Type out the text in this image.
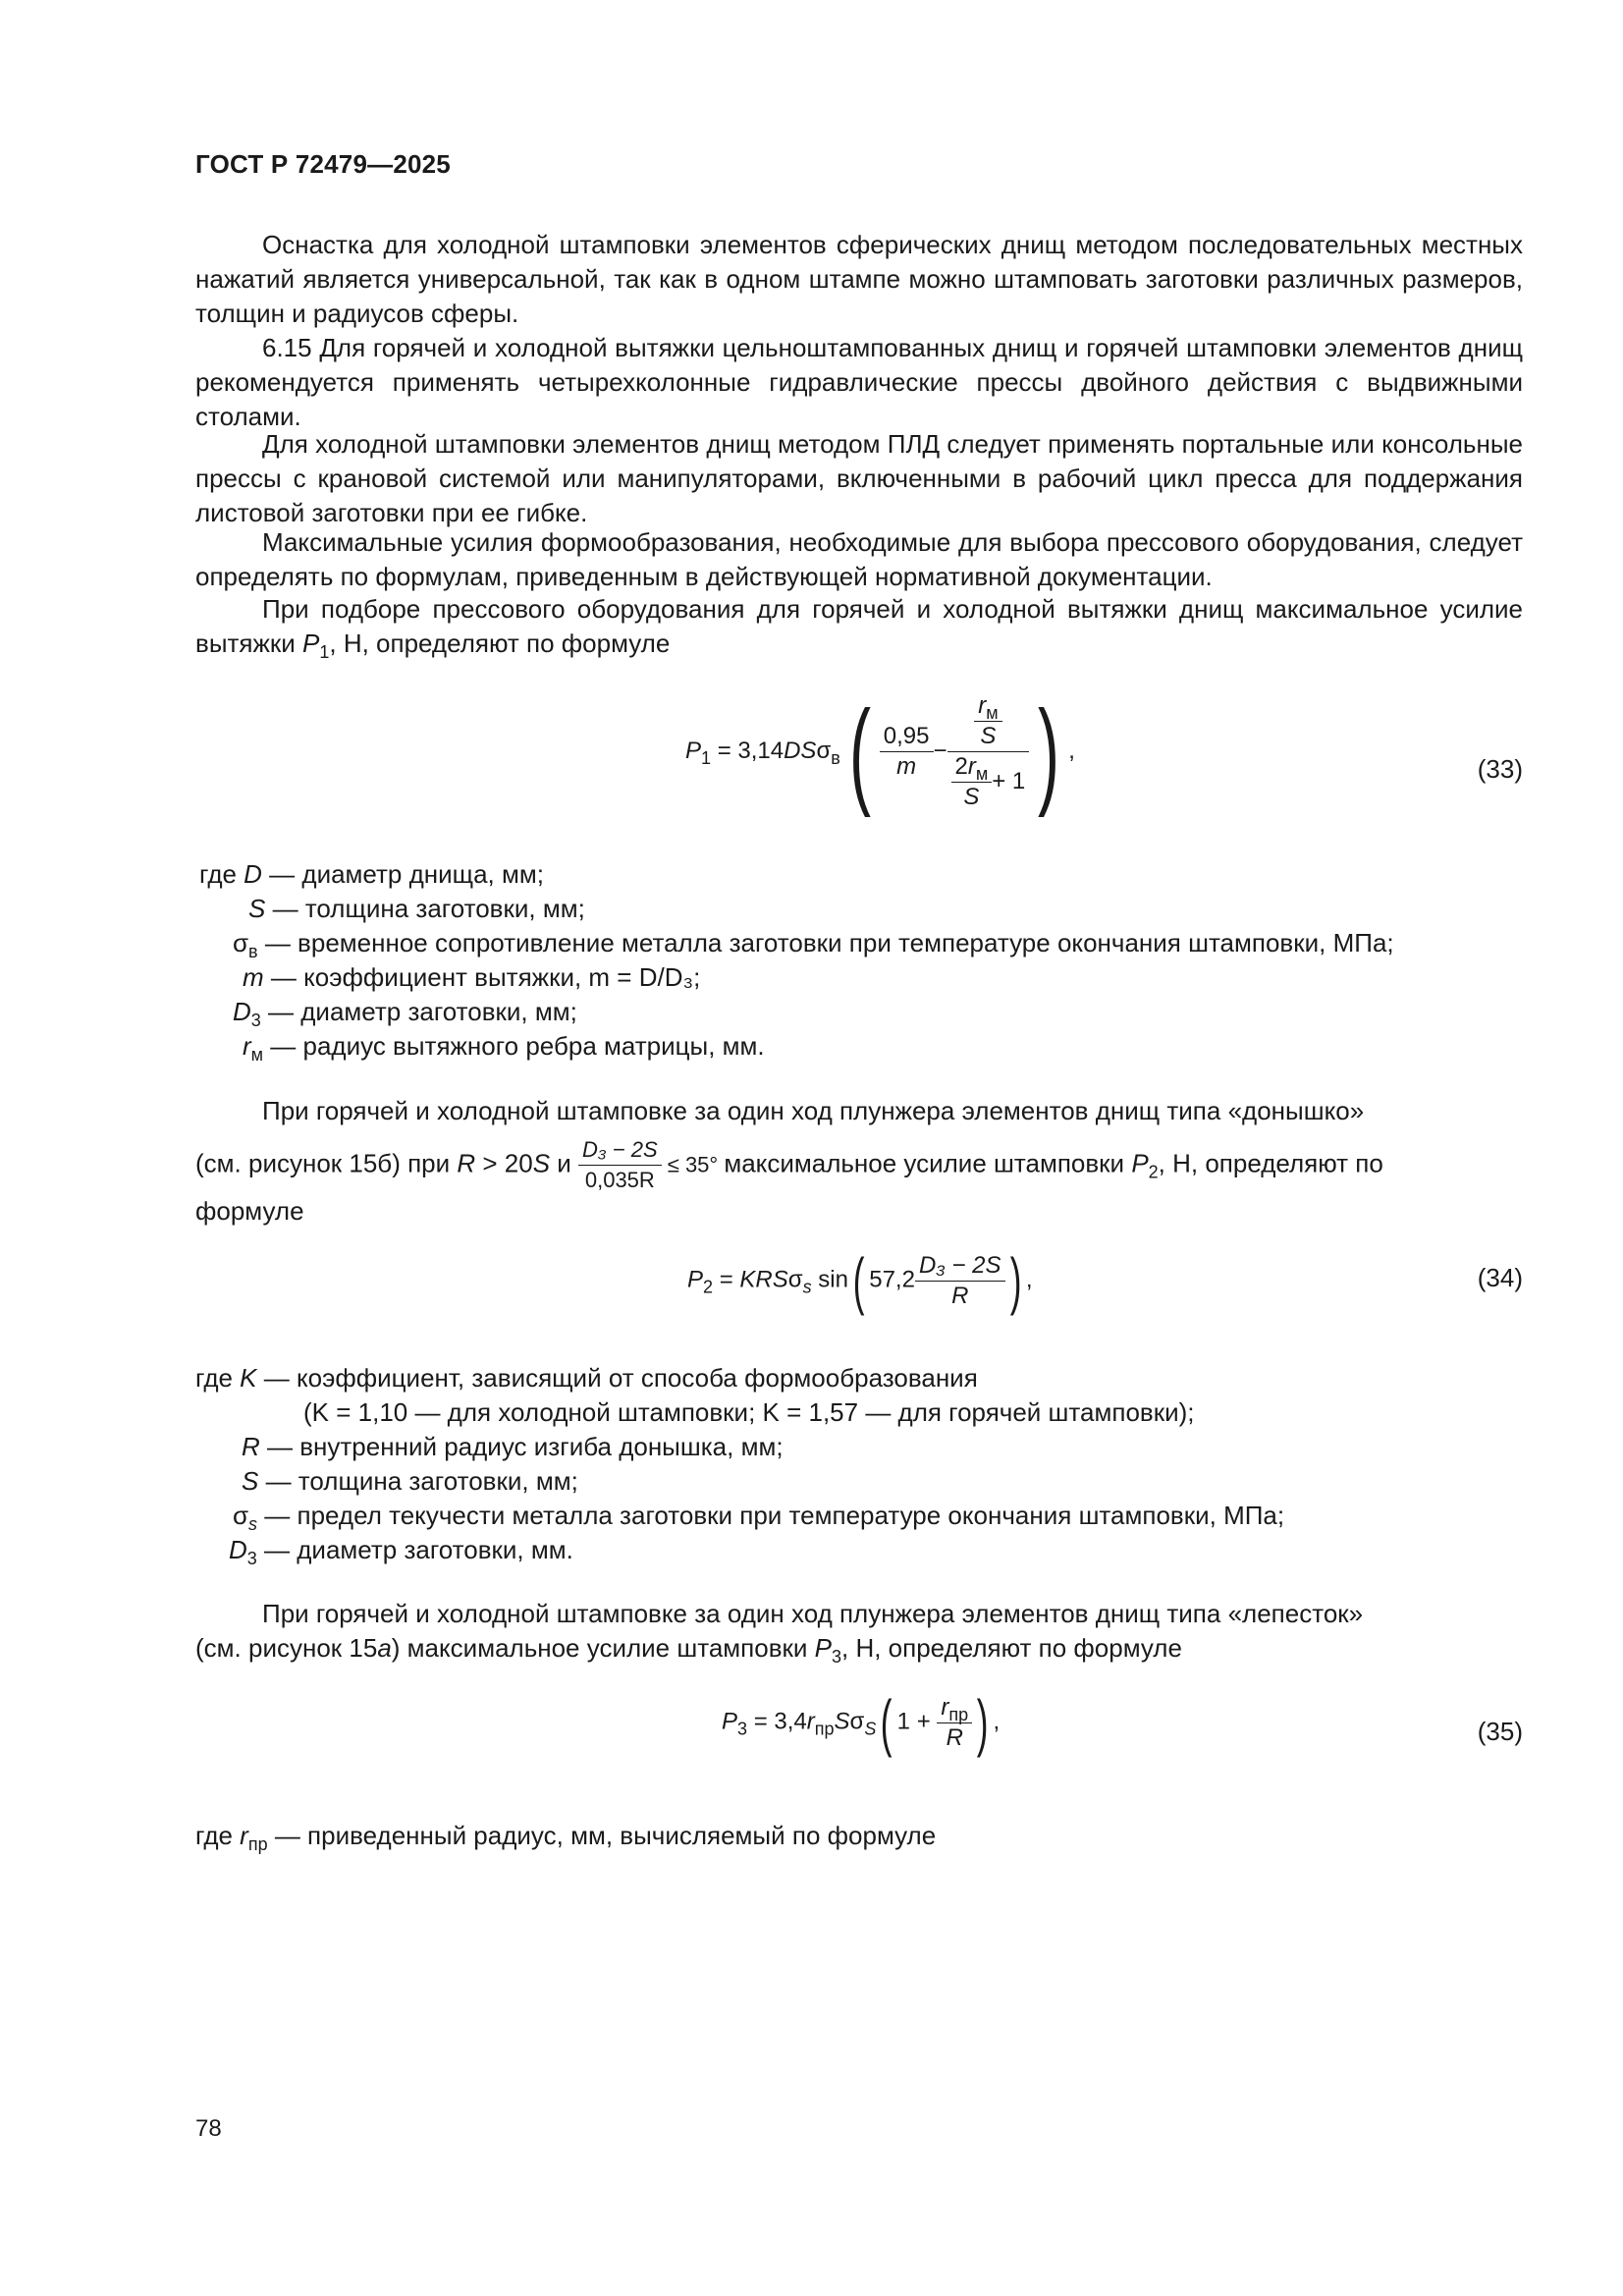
ГОСТ Р 72479—2025
Оснастка для холодной штамповки элементов сферических днищ методом последовательных местных нажатий является универсальной, так как в одном штампе можно штамповать заготовки различных размеров, толщин и радиусов сферы.
6.15 Для горячей и холодной вытяжки цельноштампованных днищ и горячей штамповки элементов днищ рекомендуется применять четырехколонные гидравлические прессы двойного действия с выдвижными столами.
Для холодной штамповки элементов днищ методом ПЛД следует применять портальные или консольные прессы с крановой системой или манипуляторами, включенными в рабочий цикл пресса для поддержания листовой заготовки при ее гибке.
Максимальные усилия формообразования, необходимые для выбора прессового оборудования, следует определять по формулам, приведенным в действующей нормативной документации.
При подборе прессового оборудования для горячей и холодной вытяжки днищ максимальное усилие вытяжки $P_1$, Н, определяют по формуле
$P_1 = 3,14DS\sigma_в( \frac{0,95}{m} - \frac{\frac{r_м}{S}}{\frac{2r_м}{S} + 1}$ ) ,
(33)
где D — диаметр днища, мм;
S — толщина заготовки, мм;
$\sigma_в$ — временное сопротивление металла заготовки при температуре окончания штамповки, МПа;
m — коэффициент вытяжки, m = D/D₃;
$D_3$ — диаметр заготовки, мм;
$r_м$ — радиус вытяжного ребра матрицы, мм.
При горячей и холодной штамповке за один ход плунжера элементов днищ типа «донышко»
(см. рисунок 15б) при R > 20S и $\frac{\text{D₃ − 2S}}{0,035R} \le 35^\circ$ максимальное усилие штамповки $P_2$, Н, определяют по
формуле
$P_2 = KRS\sigma_s$ sin( $57,2 \frac{\text{D₃ − 2S}}{R}$ ) ,	(34)
где K — коэффициент, зависящий от способа формообразования
(K = 1,10 — для холодной штамповки; K = 1,57 — для горячей штамповки);
R — внутренний радиус изгиба донышка, мм;
S — толщина заготовки, мм;
$\sigma_s$ — предел текучести металла заготовки при температуре окончания штамповки, МПа;
$D_3$ — диаметр заготовки, мм.
При горячей и холодной штамповке за один ход плунжера элементов днищ типа «лепесток»
(см. рисунок 15а) максимальное усилие штамповки $P_3$, Н, определяют по формуле
$P_3 = 3,4r_{пр}S\sigma_S$( $1 + \frac{r_{пр}}{R}$ ) ,	(35)
где $r_{пр}$ — приведенный радиус, мм, вычисляемый по формуле
78
